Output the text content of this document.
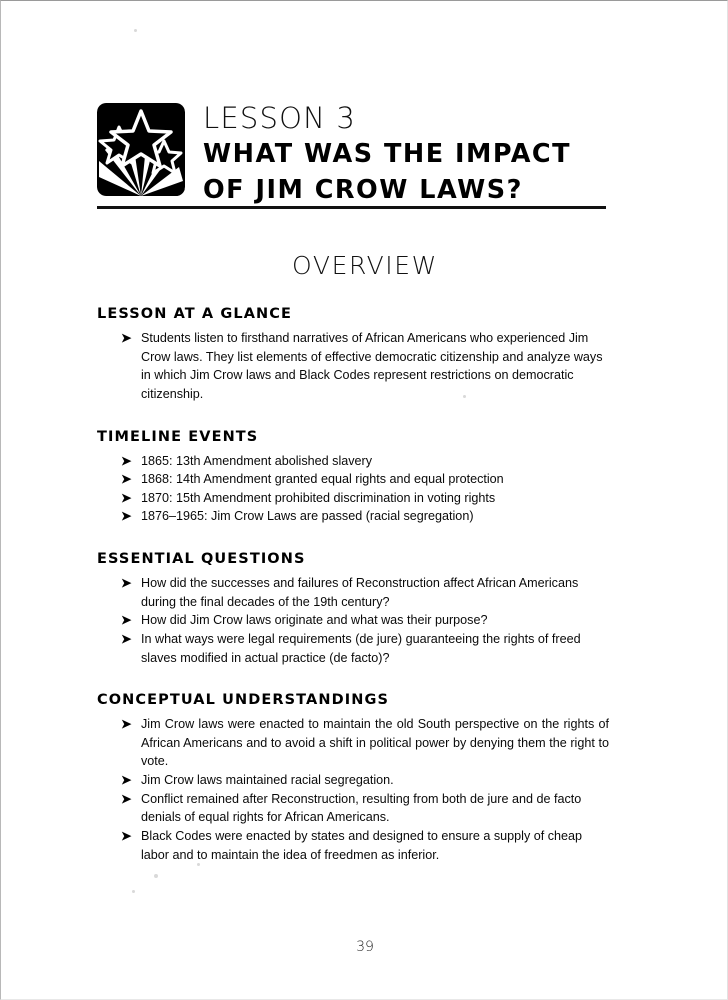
LESSON 3
WHAT WAS THE IMPACT
OF JIM CROW LAWS?
OVERVIEW
LESSON AT A GLANCE
➤ Students listen to firsthand narratives of African Americans who experienced Jim Crow laws. They list elements of effective democratic citizenship and analyze ways in which Jim Crow laws and Black Codes represent restrictions on democratic citizenship.
TIMELINE EVENTS
➤ 1865: 13th Amendment abolished slavery
➤ 1868: 14th Amendment granted equal rights and equal protection
➤ 1870: 15th Amendment prohibited discrimination in voting rights
➤ 1876–1965: Jim Crow Laws are passed (racial segregation)
ESSENTIAL QUESTIONS
➤ How did the successes and failures of Reconstruction affect African Americans during the final decades of the 19th century?
➤ How did Jim Crow laws originate and what was their purpose?
➤ In what ways were legal requirements (de jure) guaranteeing the rights of freed slaves modified in actual practice (de facto)?
CONCEPTUAL UNDERSTANDINGS
➤ Jim Crow laws were enacted to maintain the old South perspective on the rights of African Americans and to avoid a shift in political power by denying them the right to vote.
➤ Jim Crow laws maintained racial segregation.
➤ Conflict remained after Reconstruction, resulting from both de jure and de facto denials of equal rights for African Americans.
➤ Black Codes were enacted by states and designed to ensure a supply of cheap labor and to maintain the idea of freedmen as inferior.
39
